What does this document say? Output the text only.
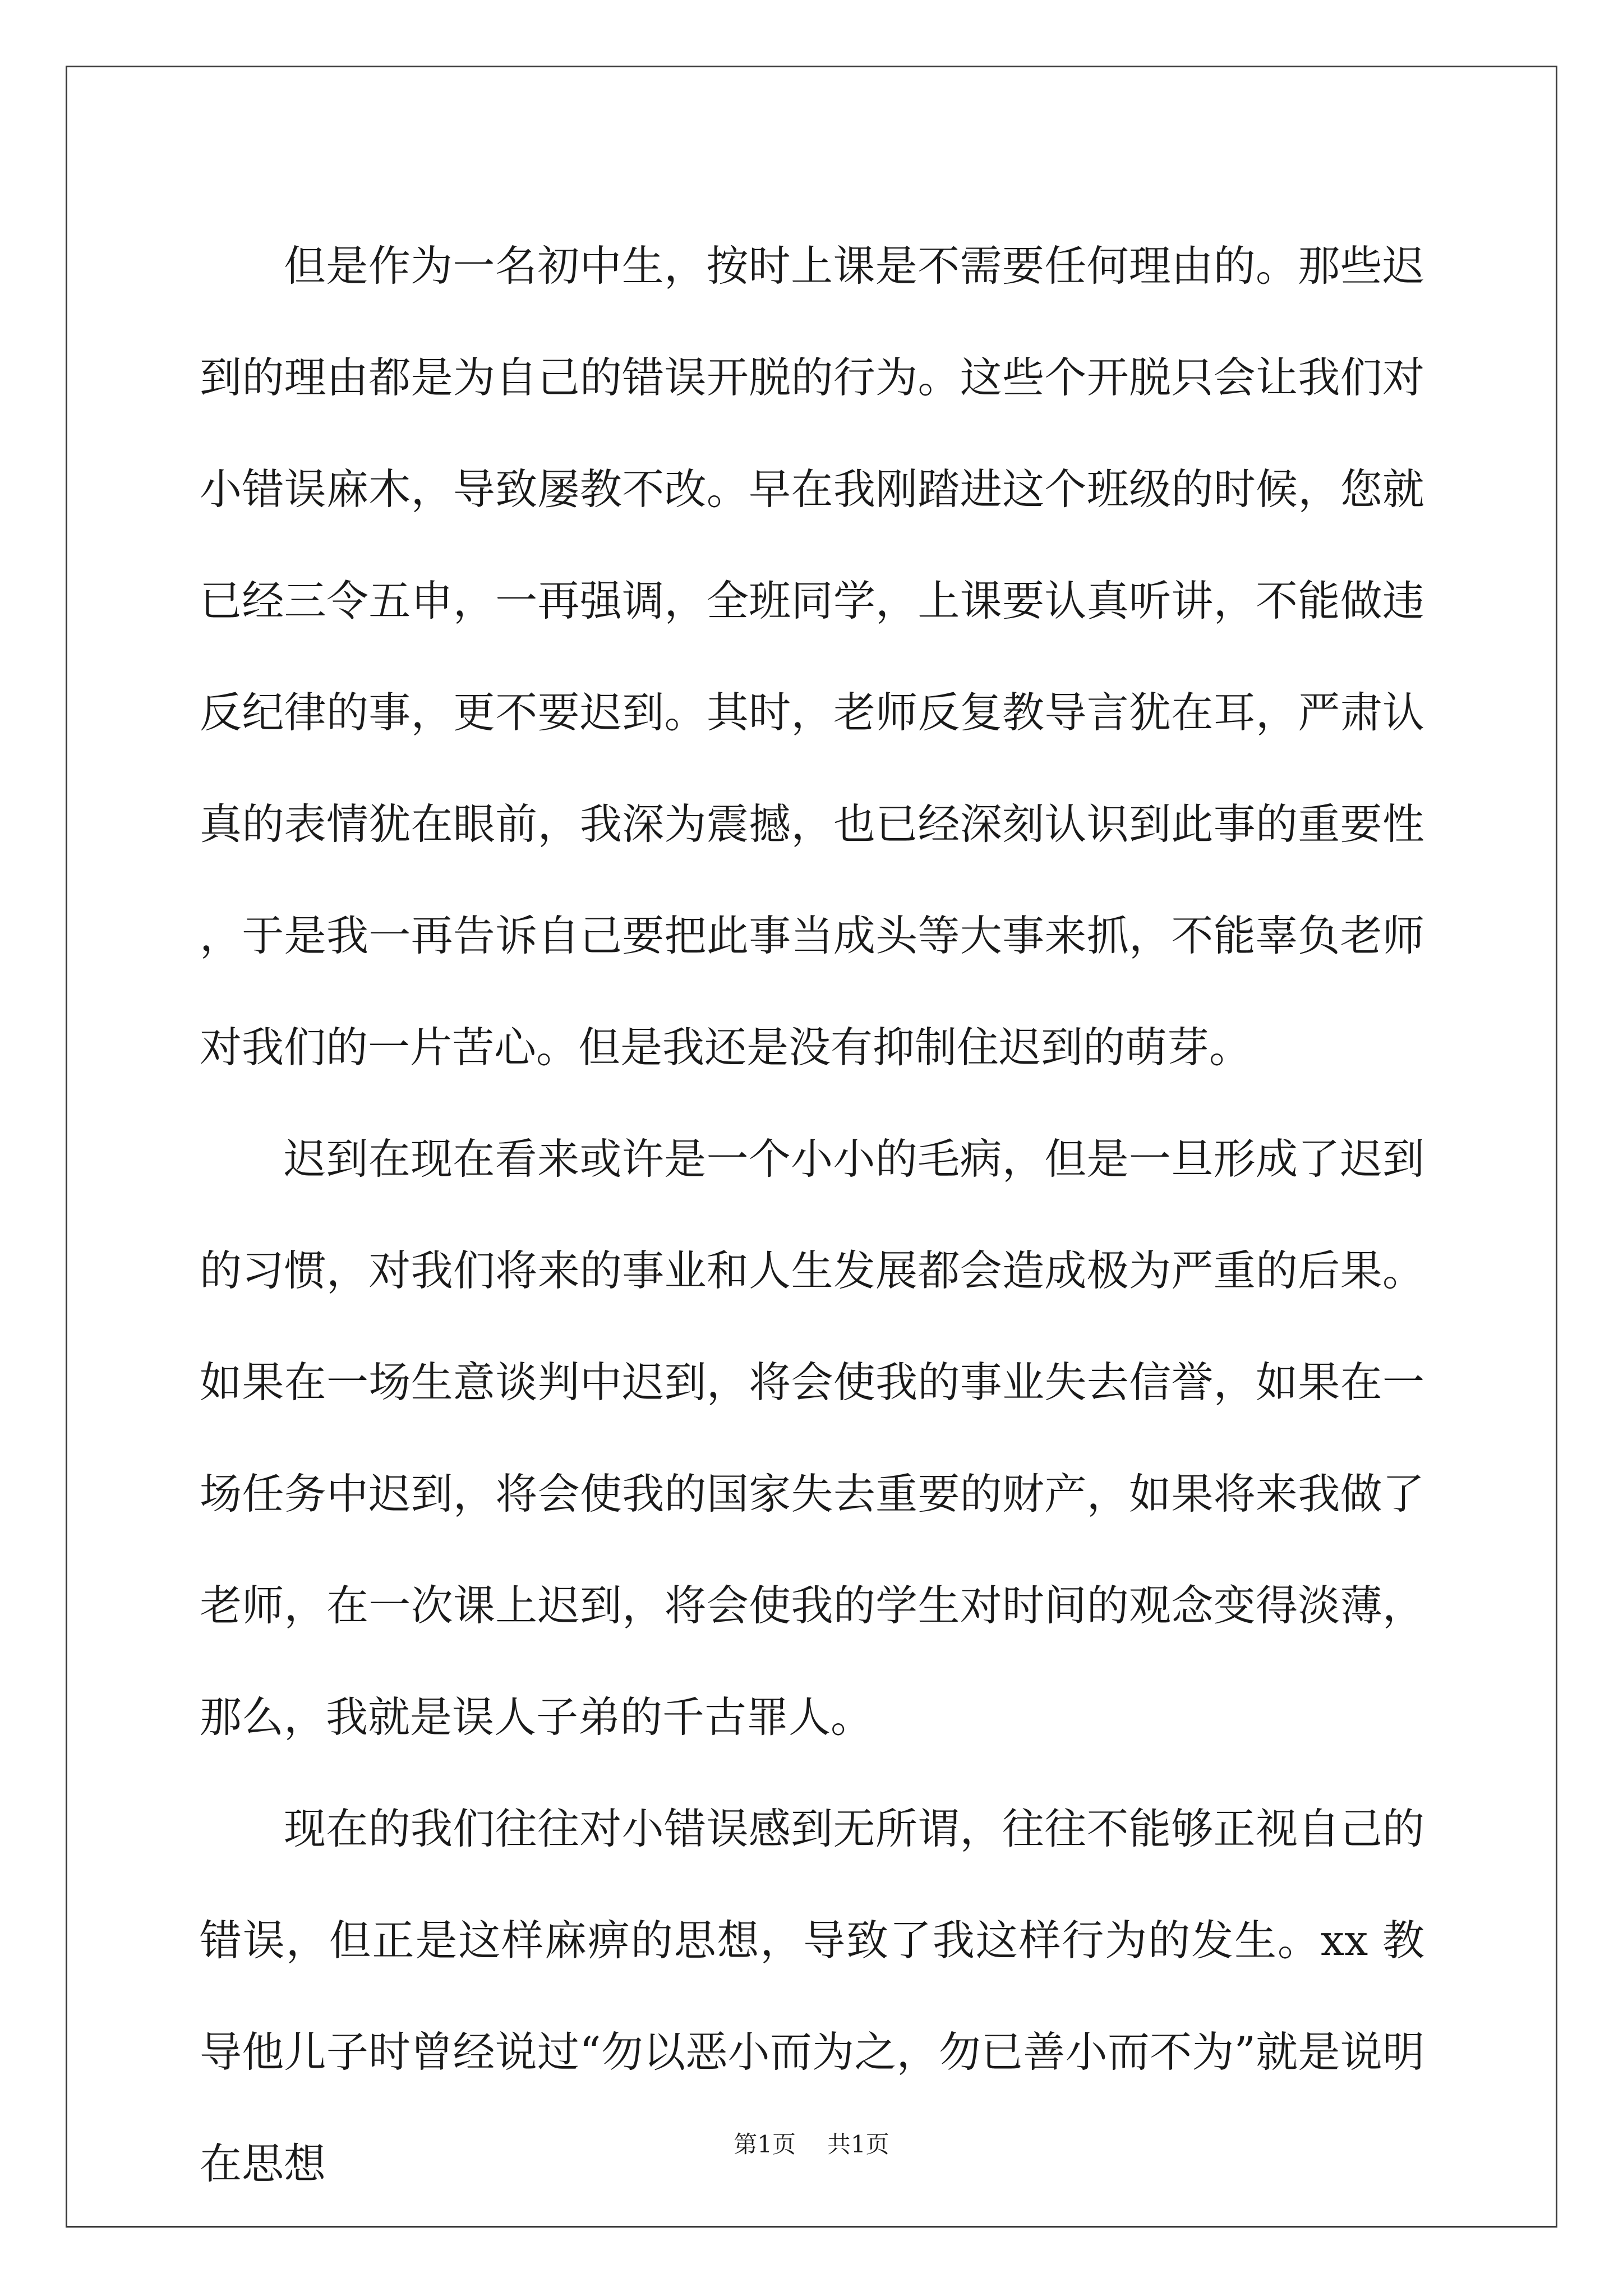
但是作为一名初中生，按时上课是不需要任何理由的。那些迟到的理由都是为自己的错误开脱的行为。这些个开脱只会让我们对小错误麻木，导致屡教不改。早在我刚踏进这个班级的时候，您就已经三令五申，一再强调，全班同学，上课要认真听讲，不能做违反纪律的事，更不要迟到。其时，老师反复教导言犹在耳，严肃认真的表情犹在眼前，我深为震撼，也已经深刻认识到此事的重要性，于是我一再告诉自己要把此事当成头等大事来抓，不能辜负老师对我们的一片苦心。但是我还是没有抑制住迟到的萌芽。

迟到在现在看来或许是一个小小的毛病，但是一旦形成了迟到的习惯，对我们将来的事业和人生发展都会造成极为严重的后果。如果在一场生意谈判中迟到，将会使我的事业失去信誉，如果在一场任务中迟到，将会使我的国家失去重要的财产，如果将来我做了老师，在一次课上迟到，将会使我的学生对时间的观念变得淡薄，那么，我就是误人子弟的千古罪人。

现在的我们往往对小错误感到无所谓，往往不能够正视自己的错误，但正是这样麻痹的思想，导致了我这样行为的发生。xx 教导他儿子时曾经说过“勿以恶小而为之，勿已善小而不为”就是说明在思想	第1页 共1页
